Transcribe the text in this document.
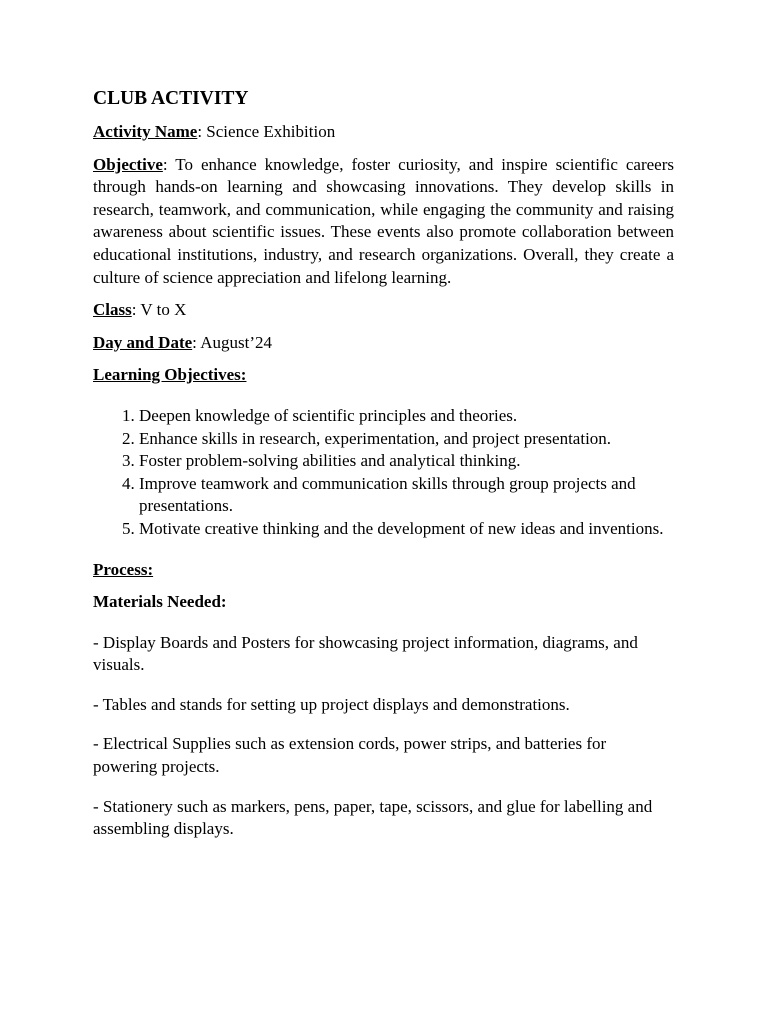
CLUB ACTIVITY

Activity Name: Science Exhibition

Objective: To enhance knowledge, foster curiosity, and inspire scientific careers through hands-on learning and showcasing innovations. They develop skills in research, teamwork, and communication, while engaging the community and raising awareness about scientific issues. These events also promote collaboration between educational institutions, industry, and research organizations. Overall, they create a culture of science appreciation and lifelong learning.

Class: V to X

Day and Date: August’24

Learning Objectives:

1. Deepen knowledge of scientific principles and theories.
2. Enhance skills in research, experimentation, and project presentation.
3. Foster problem-solving abilities and analytical thinking.
4. Improve teamwork and communication skills through group projects and presentations.
5. Motivate creative thinking and the development of new ideas and inventions.

Process:

Materials Needed:

- Display Boards and Posters for showcasing project information, diagrams, and visuals.

- Tables and stands for setting up project displays and demonstrations.

- Electrical Supplies such as extension cords, power strips, and batteries for powering projects.

- Stationery such as markers, pens, paper, tape, scissors, and glue for labelling and assembling displays.
